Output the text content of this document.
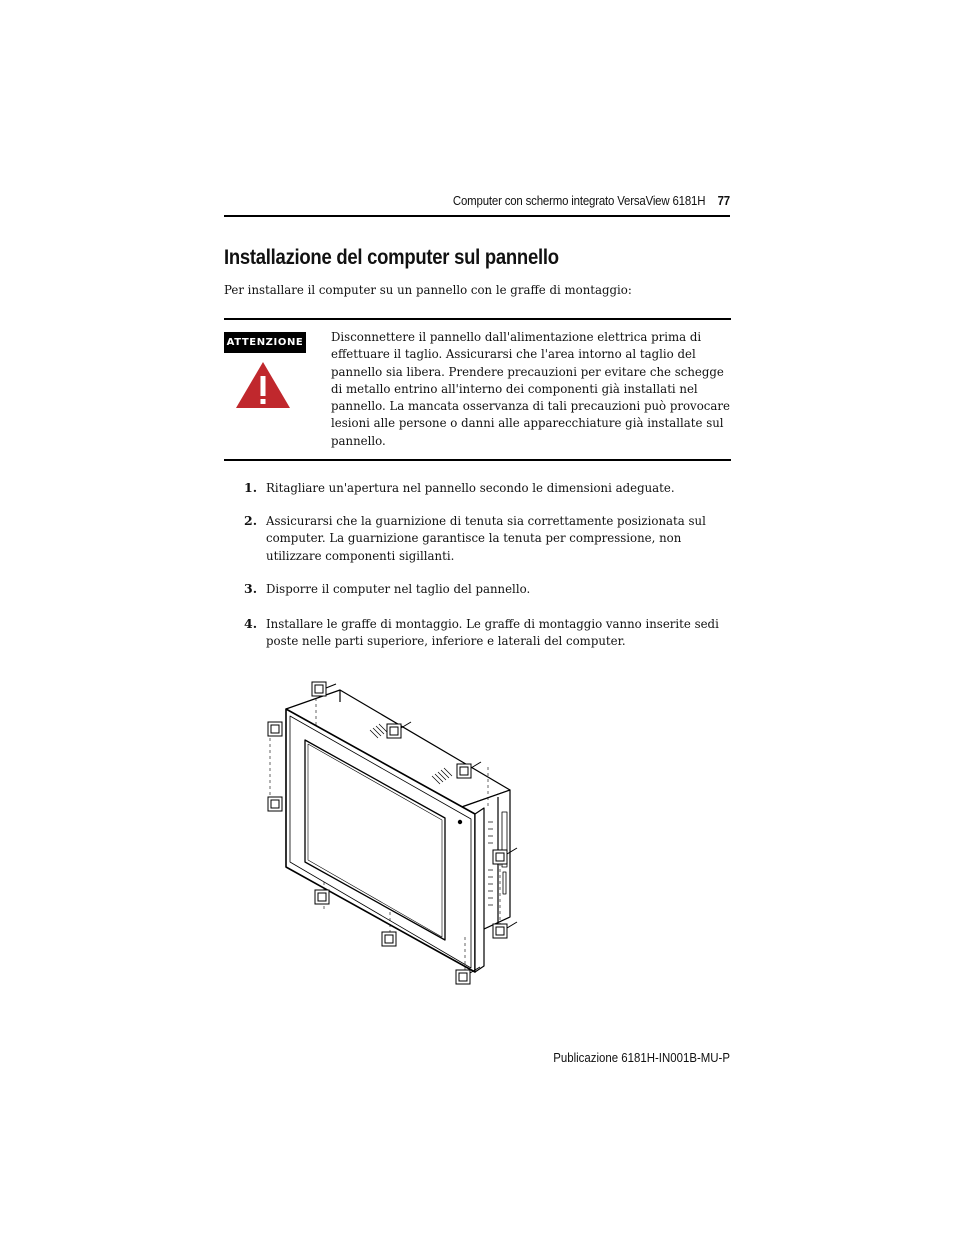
Computer con schermo integrato VersaView 6181H 77
Installazione del computer sul pannello
Per installare il computer su un pannello con le graffe di montaggio:
ATTENZIONE Disconnettere il pannello dall'alimentazione elettrica prima di effettuare il taglio. Assicurarsi che l'area intorno al taglio del pannello sia libera. Prendere precauzioni per evitare che schegge di metallo entrino all'interno dei componenti già installati nel pannello. La mancata osservanza di tali precauzioni può provocare lesioni alle persone o danni alle apparecchiature già installate sul pannello.
1. Ritagliare un'apertura nel pannello secondo le dimensioni adeguate.
2. Assicurarsi che la guarnizione di tenuta sia correttamente posizionata sul computer. La guarnizione garantisce la tenuta per compressione, non utilizzare componenti sigillanti.
3. Disporre il computer nel taglio del pannello.
4. Installare le graffe di montaggio. Le graffe di montaggio vanno inserite sedi poste nelle parti superiore, inferiore e laterali del computer.
Publicazione 6181H-IN001B-MU-P
